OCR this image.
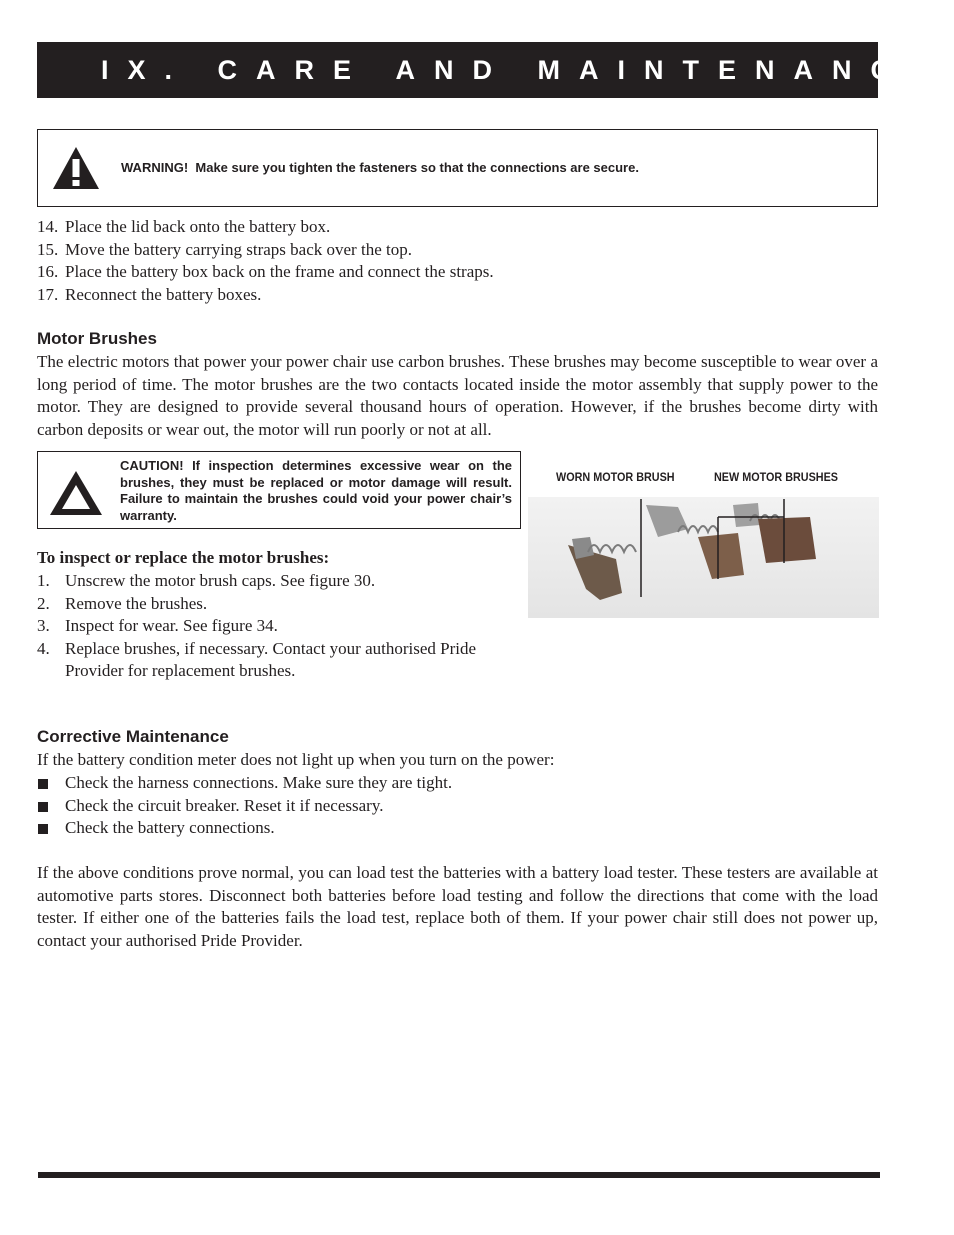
IX. CARE AND MAINTENANCE
WARNING!  Make sure you tighten the fasteners so that the connections are secure.
14. Place the lid back onto the battery box.
15. Move the battery carrying straps back over the top.
16. Place the battery box back on the frame and connect the straps.
17. Reconnect the battery boxes.
Motor Brushes

The electric motors that power your power chair use carbon brushes. These brushes may become susceptible to wear over a long period of time. The motor brushes are the two contacts located inside the motor assembly that supply power to the motor. They are designed to provide several thousand hours of operation. However, if the brushes become dirty with carbon deposits or wear out, the motor will run poorly or not at all.

CAUTION! If inspection determines excessive wear on the brushes, they must be replaced or motor damage will result. Failure to maintain the brushes could void your power chair’s warranty.
WORN MOTOR BRUSH	NEW MOTOR BRUSHES
To inspect or replace the motor brushes:
1. Unscrew the motor brush caps. See figure 30.
2. Remove the brushes.
3. Inspect for wear. See figure 34.
4. Replace brushes, if necessary. Contact your authorised Pride Provider for replacement brushes.
Corrective Maintenance

If the battery condition meter does not light up when you turn on the power:

Check the harness connections. Make sure they are tight.
Check the circuit breaker. Reset it if necessary.
Check the battery connections.

If the above conditions prove normal, you can load test the batteries with a battery load tester. These testers are available at automotive parts stores. Disconnect both batteries before load testing and follow the directions that come with the load tester. If either one of the batteries fails the load test, replace both of them. If your power chair still does not power up, contact your authorised Pride Provider.
